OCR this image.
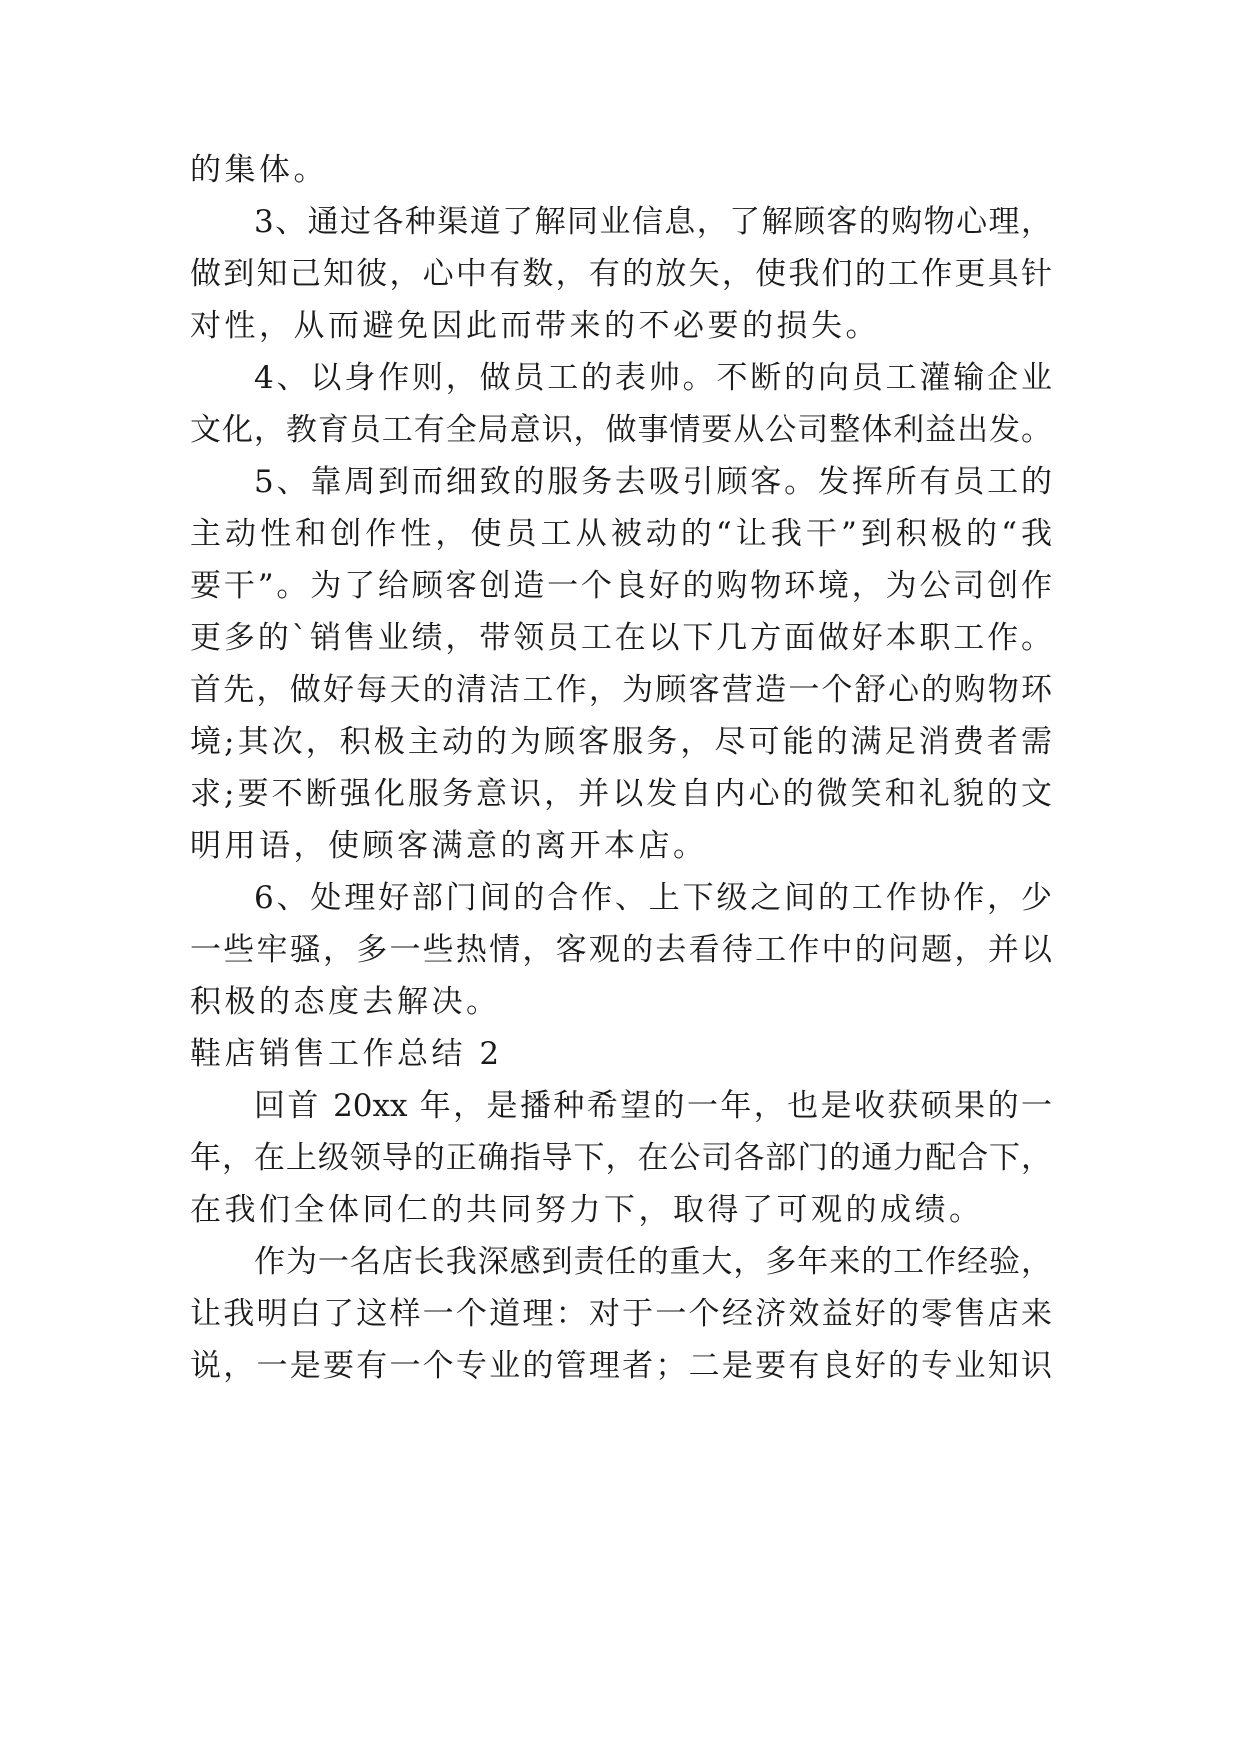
的集体。
3、通过各种渠道了解同业信息，了解顾客的购物心理，
做到知己知彼，心中有数，有的放矢，使我们的工作更具针
对性，从而避免因此而带来的不必要的损失。
4、以身作则，做员工的表帅。不断的向员工灌输企业
文化，教育员工有全局意识，做事情要从公司整体利益出发。
5、靠周到而细致的服务去吸引顾客。发挥所有员工的
主动性和创作性，使员工从被动的“让我干”到积极的“我
要干”。为了给顾客创造一个良好的购物环境，为公司创作
更多的`销售业绩，带领员工在以下几方面做好本职工作。
首先，做好每天的清洁工作，为顾客营造一个舒心的购物环
境;其次，积极主动的为顾客服务，尽可能的满足消费者需
求;要不断强化服务意识，并以发自内心的微笑和礼貌的文
明用语，使顾客满意的离开本店。
6、处理好部门间的合作、上下级之间的工作协作，少
一些牢骚，多一些热情，客观的去看待工作中的问题，并以
积极的态度去解决。
鞋店销售工作总结 2
回首 20xx 年，是播种希望的一年，也是收获硕果的一
年，在上级领导的正确指导下，在公司各部门的通力配合下，
在我们全体同仁的共同努力下，取得了可观的成绩。
作为一名店长我深感到责任的重大，多年来的工作经验，
让我明白了这样一个道理：对于一个经济效益好的零售店来
说，一是要有一个专业的管理者；二是要有良好的专业知识
